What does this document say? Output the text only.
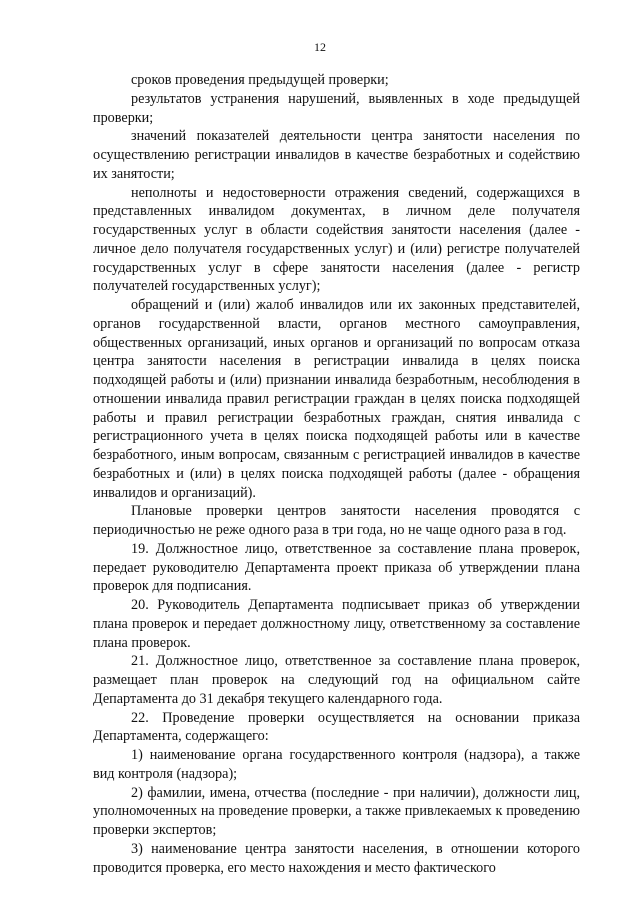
12

сроков проведения предыдущей проверки;

результатов устранения нарушений, выявленных в ходе предыдущей проверки;

значений показателей деятельности центра занятости населения по осуществлению регистрации инвалидов в качестве безработных и содействию их занятости;

неполноты и недостоверности отражения сведений, содержащихся в представленных инвалидом документах, в личном деле получателя государственных услуг в области содействия занятости населения (далее - личное дело получателя государственных услуг) и (или) регистре получателей государственных услуг в сфере занятости населения (далее - регистр получателей государственных услуг);

обращений и (или) жалоб инвалидов или их законных представителей, органов государственной власти, органов местного самоуправления, общественных организаций, иных органов и организаций по вопросам отказа центра занятости населения в регистрации инвалида в целях поиска подходящей работы и (или) признании инвалида безработным, несоблюдения в отношении инвалида правил регистрации граждан в целях поиска подходящей работы и правил регистрации безработных граждан, снятия инвалида с регистрационного учета в целях поиска подходящей работы или в качестве безработного, иным вопросам, связанным с регистрацией инвалидов в качестве безработных и (или) в целях поиска подходящей работы (далее - обращения инвалидов и организаций).

Плановые проверки центров занятости населения проводятся с периодичностью не реже одного раза в три года, но не чаще одного раза в год.

19. Должностное лицо, ответственное за составление плана проверок, передает руководителю Департамента проект приказа об утверждении плана проверок для подписания.

20. Руководитель Департамента подписывает приказ об утверждении плана проверок и передает должностному лицу, ответственному за составление плана проверок.

21. Должностное лицо, ответственное за составление плана проверок, размещает план проверок на следующий год на официальном сайте Департамента до 31 декабря текущего календарного года.

22. Проведение проверки осуществляется на основании приказа Департамента, содержащего:

1) наименование органа государственного контроля (надзора), а также вид контроля (надзора);

2) фамилии, имена, отчества (последние - при наличии), должности лиц, уполномоченных на проведение проверки, а также привлекаемых к проведению проверки экспертов;

3) наименование центра занятости населения, в отношении которого проводится проверка, его место нахождения и место фактического
